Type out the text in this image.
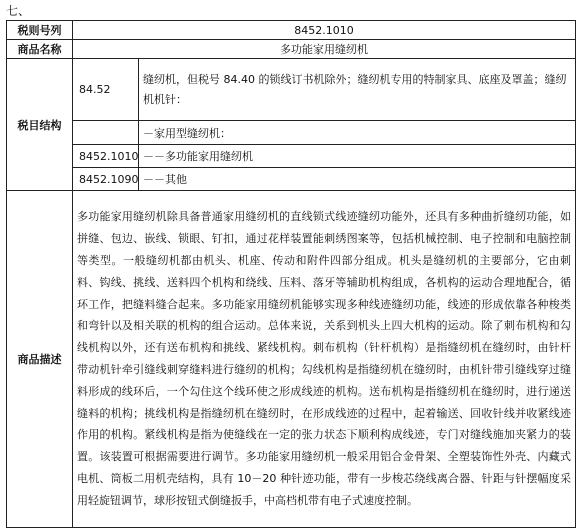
七、
税则号列	8452.1010	
商品名称	多功能家用缝纫机	
税目结构	84.52	缝纫机，但税号 84.40 的锁线订书机除外；缝纫机专用的特制家具、底座及罩盖；缝纫机机针：
		－家用型缝纫机：
	8452.1010	－－多功能家用缝纫机
	8452.1090	－－其他
商品描述	多功能家用缝纫机除具备普通家用缝纫机的直线锁式线迹缝纫功能外，还具有多种曲折缝纫功能，如拼缝、包边、嵌线、锁眼、钉扣，通过花样装置能刺绣图案等，包括机械控制、电子控制和电脑控制等类型。一般缝纫机都由机头、机座、传动和附件四部分组成。机头是缝纫机的主要部分，它由刺料、钩线、挑线、送料四个机构和绕线、压料、落牙等辅助机构组成，各机构的运动合理地配合，循环工作，把缝料缝合起来。多功能家用缝纫机能够实现多种线迹缝纫功能，线迹的形成依靠各种梭类和弯针以及相关联的机构的组合运动。总体来说，关系到机头上四大机构的运动。除了刺布机构和勾线机构以外，还有送布机构和挑线、紧线机构。刺布机构（针杆机构）是指缝纫机在缝纫时，由针杆带动机针牵引缝线刺穿缝料进行缝纫的机构；勾线机构是指缝纫机在缝纫时，由机针带引缝线穿过缝料形成的线环后，一个勾住这个线环使之形成线迹的机构。送布机构是指缝纫机在缝纫时，进行递送缝料的机构；挑线机构是指缝纫机在缝纫时，在形成线迹的过程中，起着输送、回收针线并收紧线迹作用的机构。紧线机构是指为使缝线在一定的张力状态下顺利构成线迹，专门对缝线施加夹紧力的装置。该装置可根据需要进行调节。多功能家用缝纫机一般采用铝合金骨架、全塑装饰性外壳、内藏式电机、筒板二用机壳结构，具有 10－20 种针迹功能，带有一步梭芯绕线离合器、针距与针摆幅度采用轻旋钮调节，球形按钮式倒缝扳手，中高档机带有电子式速度控制。	
